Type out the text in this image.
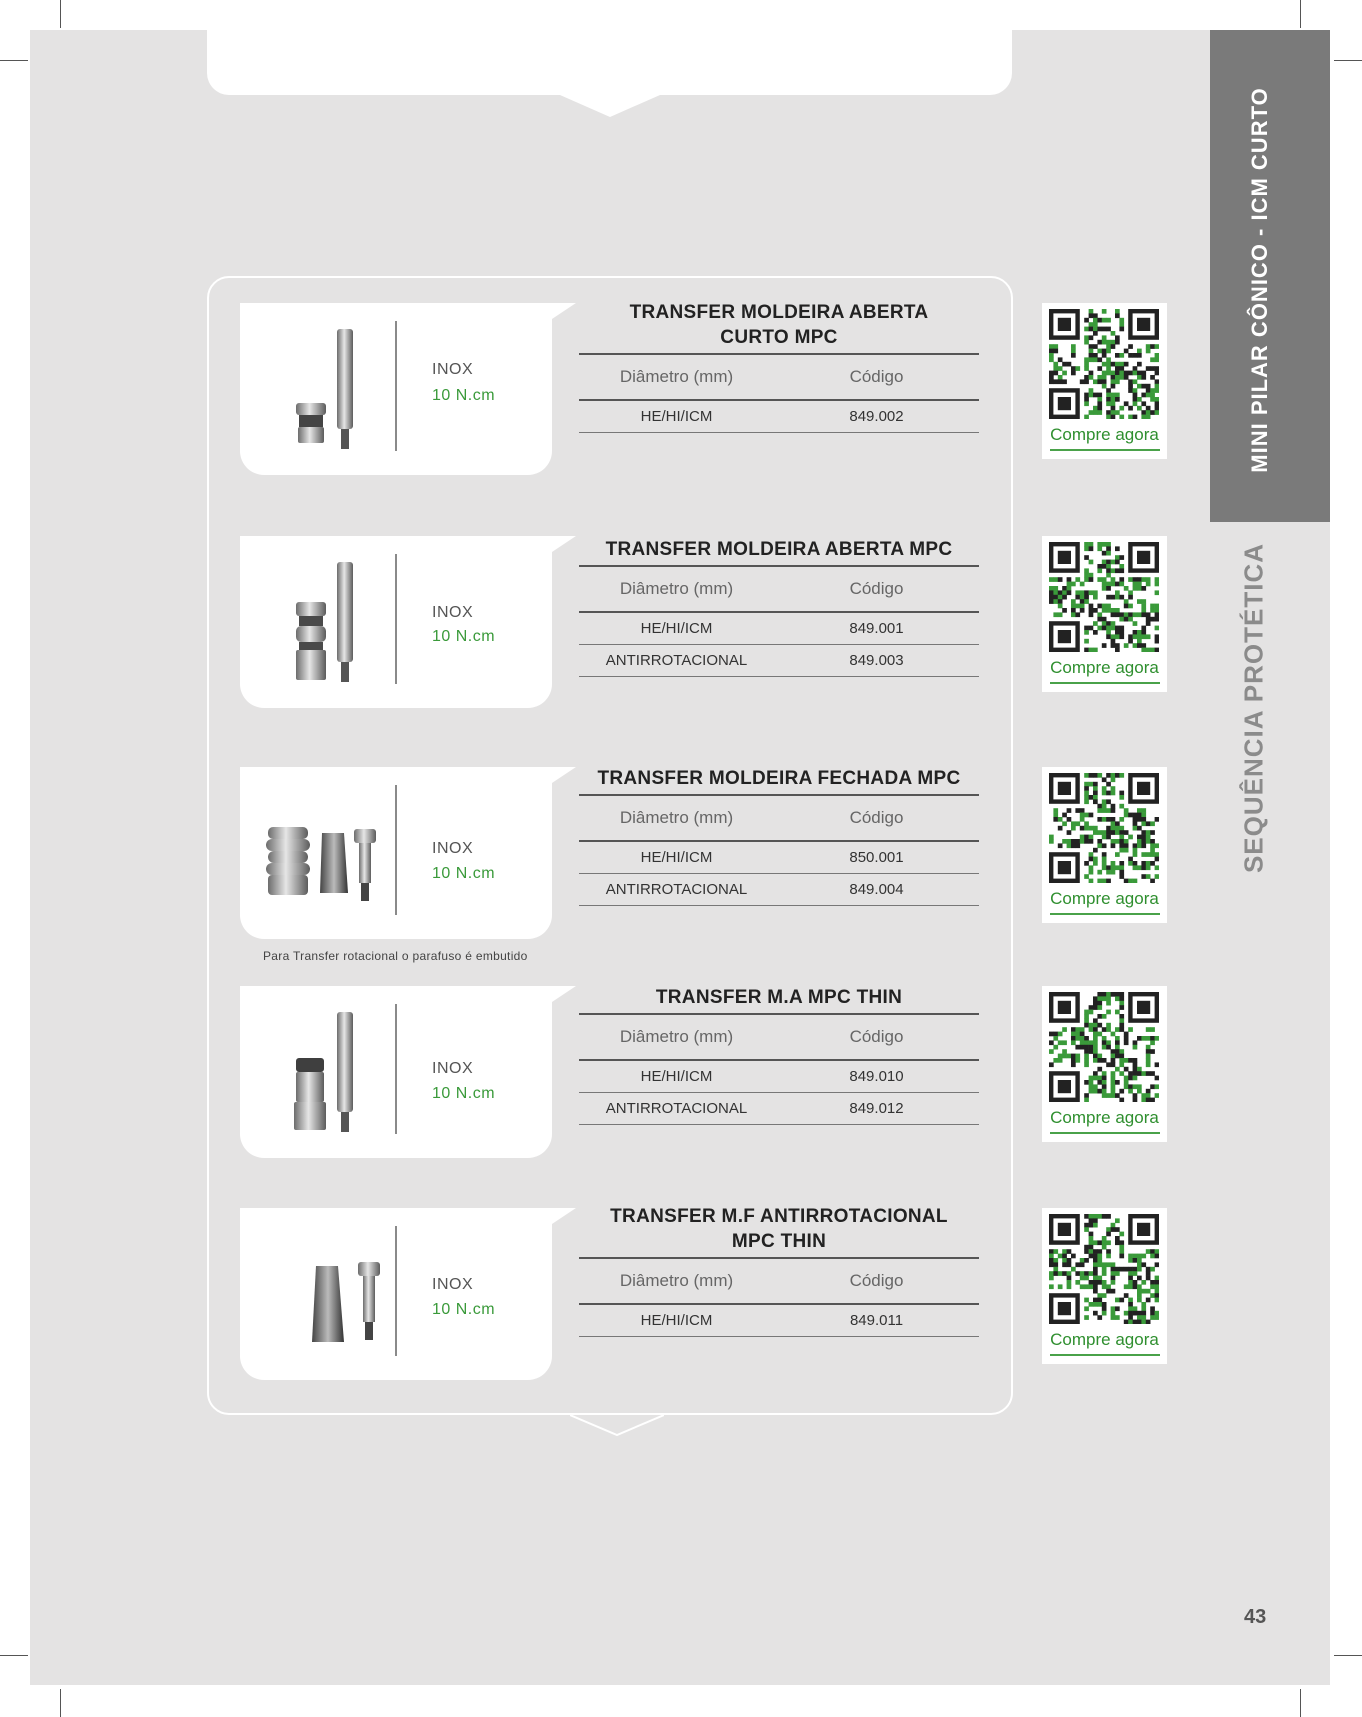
MINI PILAR CÔNICO - ICM CURTO
SEQUÊNCIA PROTÉTICA
INOX
10 N.cm
TRANSFER MOLDEIRA ABERTA
CURTO MPC
Diâmetro (mm)	Código
HE/HI/ICM	849.002
Compre agora
INOX
10 N.cm
TRANSFER MOLDEIRA ABERTA MPC
Diâmetro (mm)	Código
HE/HI/ICM	849.001
ANTIRROTACIONAL	849.003	Compre agora
INOX
10 N.cm
TRANSFER MOLDEIRA FECHADA MPC
Diâmetro (mm)	Código
HE/HI/ICM	850.001
ANTIRROTACIONAL	849.004	Compre agora
Para Transfer rotacional o parafuso é embutido
INOX
10 N.cm
TRANSFER M.A MPC THIN
Diâmetro (mm)	Código
HE/HI/ICM	849.010
ANTIRROTACIONAL	849.012	Compre agora
INOX
10 N.cm
TRANSFER M.F ANTIRROTACIONAL
MPC THIN
Diâmetro (mm)	Código
HE/HI/ICM	849.011
Compre agora
43
